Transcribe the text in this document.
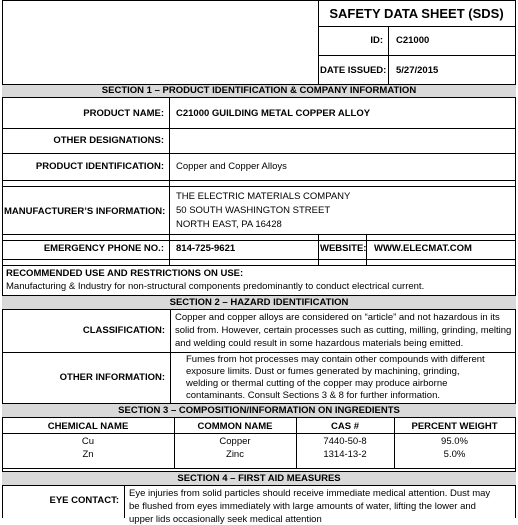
SAFETY DATA SHEET (SDS)
ID: C21000
DATE ISSUED: 5/27/2015
SECTION 1 – PRODUCT IDENTIFICATION & COMPANY INFORMATION
PRODUCT NAME: C21000 GUILDING METAL COPPER ALLOY
OTHER DESIGNATIONS:
PRODUCT IDENTIFICATION: Copper and Copper Alloys
MANUFACTURER’S INFORMATION:
THE ELECTRIC MATERIALS COMPANY
50 SOUTH WASHINGTON STREET
NORTH EAST, PA 16428
EMERGENCY PHONE NO.: 814-725-9621	WEBSITE: WWW.ELECMAT.COM
RECOMMENDED USE AND RESTRICTIONS ON USE:
Manufacturing & Industry for non-structural components predominantly to conduct electrical current.
SECTION 2 – HAZARD IDENTIFICATION
CLASSIFICATION:
Copper and copper alloys are considered on “article” and not hazardous in its
solid from. However, certain processes such as cutting, milling, grinding, melting
and welding could result in some hazardous materials being emitted.
OTHER INFORMATION:
Fumes from hot processes may contain other compounds with different
exposure limits. Dust or fumes generated by machining, grinding,
welding or thermal cutting of the copper may produce airborne
contaminants. Consult Sections 3 & 8 for further information.
SECTION 3 – COMPOSITION/INFORMATION ON INGREDIENTS
CHEMICAL NAME	COMMON NAME	CAS #	PERCENT WEIGHT
Cu	Copper	7440-50-8	95.0%
Zn	Zinc	1314-13-2	5.0%
SECTION 4 – FIRST AID MEASURES
EYE CONTACT:
Eye injuries from solid particles should receive immediate medical attention. Dust may
be flushed from eyes immediately with large amounts of water, lifting the lower and
upper lids occasionally seek medical attention
